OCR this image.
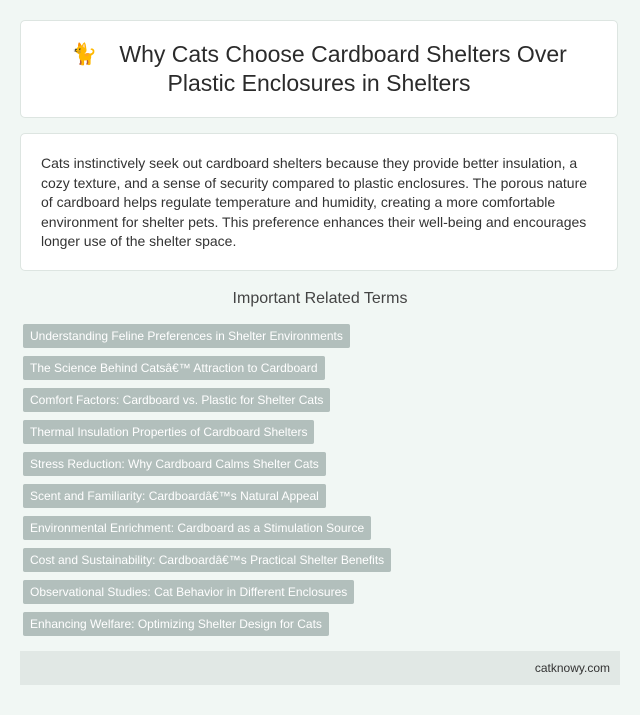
🐈 Why Cats Choose Cardboard Shelters Over Plastic Enclosures in Shelters

Cats instinctively seek out cardboard shelters because they provide better insulation, a cozy texture, and a sense of security compared to plastic enclosures. The porous nature of cardboard helps regulate temperature and humidity, creating a more comfortable environment for shelter pets. This preference enhances their well-being and encourages longer use of the shelter space.

Important Related Terms
Understanding Feline Preferences in Shelter Environments
The Science Behind Catsâ€™ Attraction to Cardboard
Comfort Factors: Cardboard vs. Plastic for Shelter Cats
Thermal Insulation Properties of Cardboard Shelters
Stress Reduction: Why Cardboard Calms Shelter Cats
Scent and Familiarity: Cardboardâ€™s Natural Appeal
Environmental Enrichment: Cardboard as a Stimulation Source
Cost and Sustainability: Cardboardâ€™s Practical Shelter Benefits
Observational Studies: Cat Behavior in Different Enclosures
Enhancing Welfare: Optimizing Shelter Design for Cats
catknowy.com
